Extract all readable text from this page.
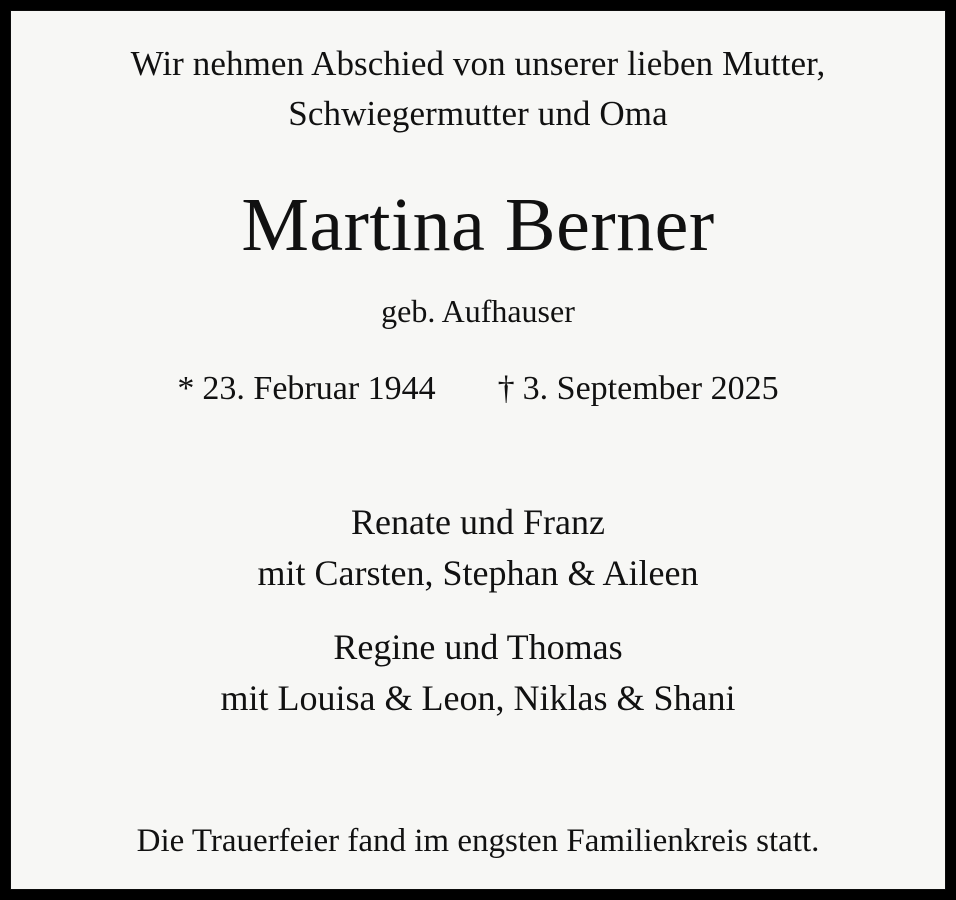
Wir nehmen Abschied von unserer lieben Mutter,
Schwiegermutter und Oma
Martina Berner
geb. Aufhauser
* 23. Februar 1944 † 3. September 2025
Renate und Franz
mit Carsten, Stephan & Aileen
Regine und Thomas
mit Louisa & Leon, Niklas & Shani
Die Trauerfeier fand im engsten Familienkreis statt.
